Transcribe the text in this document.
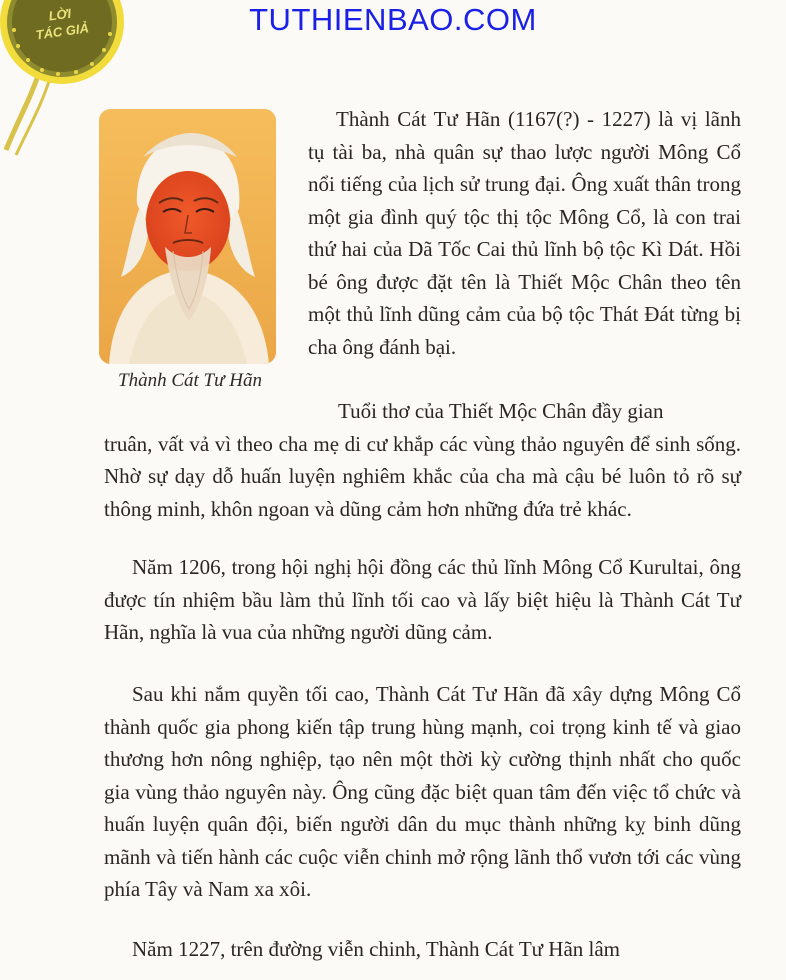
LỜI
TÁC GIẢ	TUTHIENBAO.COM
Thành Cát Tư Hãn

Thành Cát Tư Hãn (1167(?) - 1227) là vị lãnh tụ tài ba, nhà quân sự thao lược người Mông Cổ nổi tiếng của lịch sử trung đại. Ông xuất thân trong một gia đình quý tộc thị tộc Mông Cổ, là con trai thứ hai của Dã Tốc Cai thủ lĩnh bộ tộc Kì Dát. Hồi bé ông được đặt tên là Thiết Mộc Chân theo tên một thủ lĩnh dũng cảm của bộ tộc Thát Đát từng bị cha ông đánh bại.

Tuổi thơ của Thiết Mộc Chân đầy gian
truân, vất vả vì theo cha mẹ di cư khắp các vùng thảo nguyên để sinh sống. Nhờ sự dạy dỗ huấn luyện nghiêm khắc của cha mà cậu bé luôn tỏ rõ sự thông minh, khôn ngoan và dũng cảm hơn những đứa trẻ khác.

Năm 1206, trong hội nghị hội đồng các thủ lĩnh Mông Cổ Kurultai, ông được tín nhiệm bầu làm thủ lĩnh tối cao và lấy biệt hiệu là Thành Cát Tư Hãn, nghĩa là vua của những người dũng cảm.

Sau khi nắm quyền tối cao, Thành Cát Tư Hãn đã xây dựng Mông Cổ thành quốc gia phong kiến tập trung hùng mạnh, coi trọng kinh tế và giao thương hơn nông nghiệp, tạo nên một thời kỳ cường thịnh nhất cho quốc gia vùng thảo nguyên này. Ông cũng đặc biệt quan tâm đến việc tổ chức và huấn luyện quân đội, biến người dân du mục thành những kỵ binh dũng mãnh và tiến hành các cuộc viễn chinh mở rộng lãnh thổ vươn tới các vùng phía Tây và Nam xa xôi.

Năm 1227, trên đường viễn chinh, Thành Cát Tư Hãn lâm
